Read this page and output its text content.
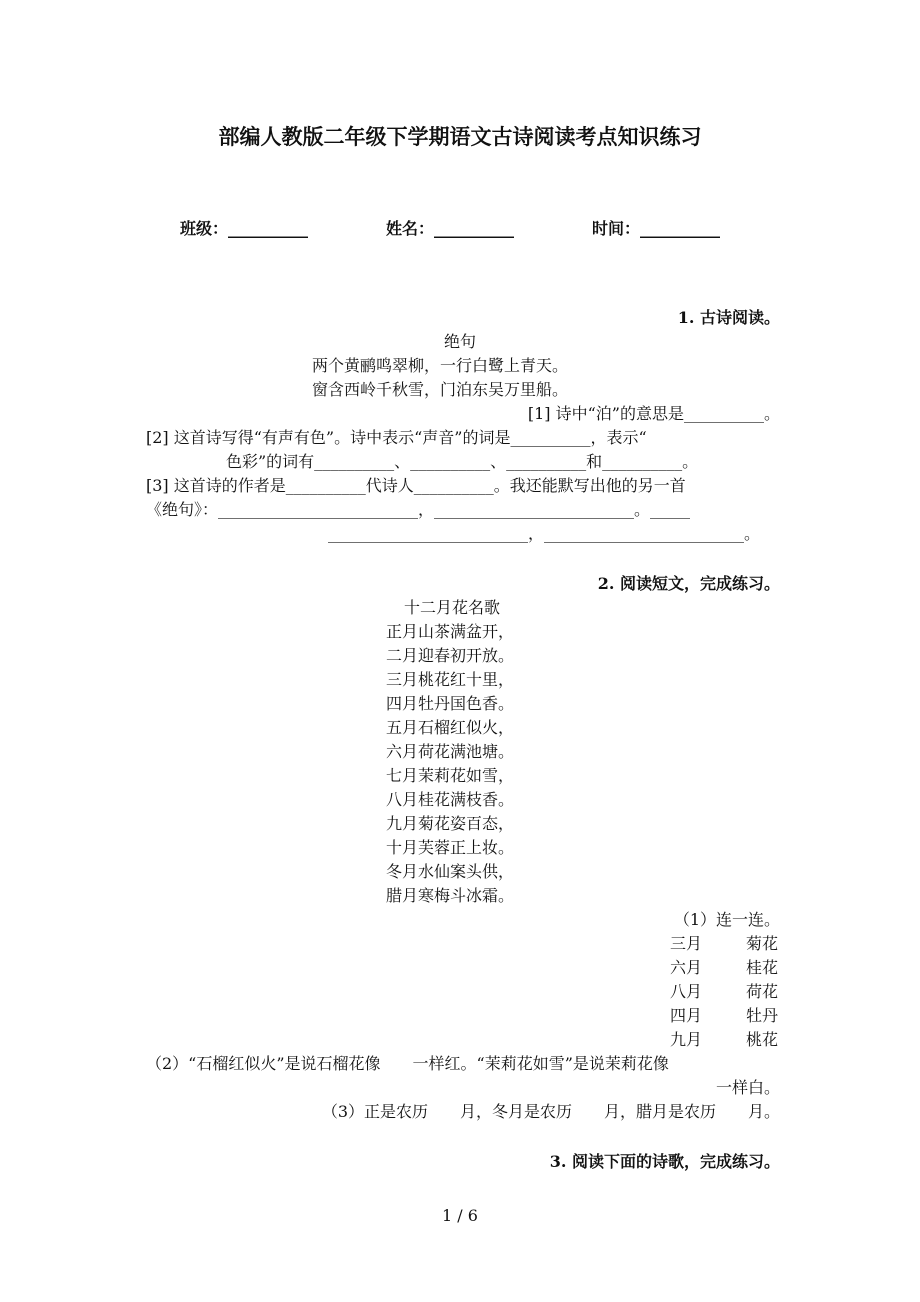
部编人教版二年级下学期语文古诗阅读考点知识练习
班级：__________	姓名：__________	时间：__________
1. 古诗阅读。
绝句
两个黄鹂鸣翠柳，一行白鹭上青天。
窗含西岭千秋雪，门泊东吴万里船。
[1] 诗中“泊”的意思是__________。
[2] 这首诗写得“有声有色”。诗中表示“声音”的词是__________，表示“
色彩”的词有__________、__________、__________和__________。
[3] 这首诗的作者是__________代诗人__________。我还能默写出他的另一首
《绝句》：_________________________，_________________________。_____
_________________________，_________________________。
2. 阅读短文，完成练习。
十二月花名歌
正月山茶满盆开，
二月迎春初开放。
三月桃花红十里，
四月牡丹国色香。
五月石榴红似火，
六月荷花满池塘。
七月茉莉花如雪，
八月桂花满枝香。
九月菊花姿百态，
十月芙蓉正上妆。
冬月水仙案头供，
腊月寒梅斗冰霜。
（1）连一连。
三月	菊花
六月	桂花
八月	荷花
四月	牡丹
九月	桃花
（2）“石榴红似火”是说石榴花像　　一样红。“茉莉花如雪”是说茉莉花像
一样白。
（3）正是农历　　月，冬月是农历　　月，腊月是农历　　月。
3. 阅读下面的诗歌，完成练习。
1 / 6
